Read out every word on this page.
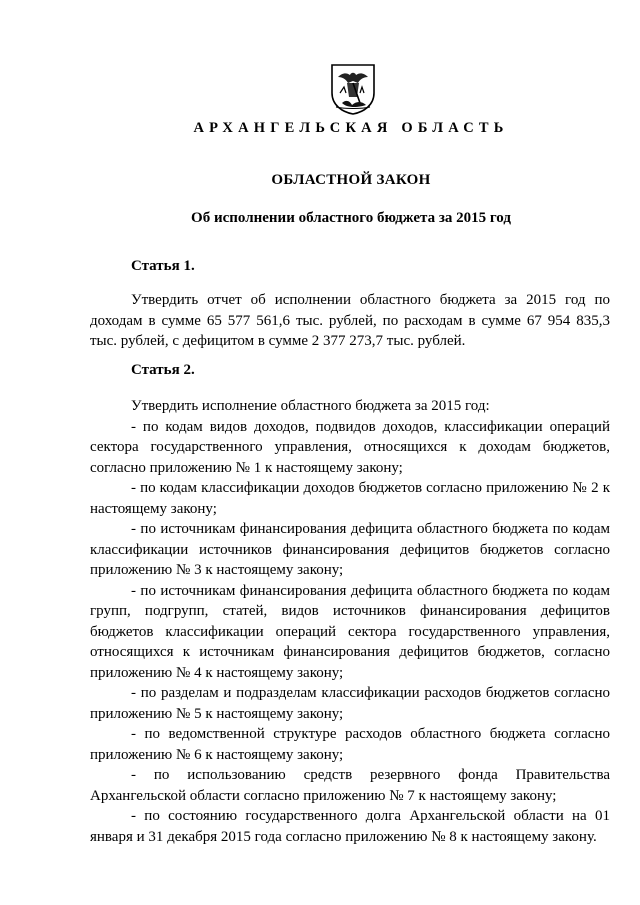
АРХАНГЕЛЬСКАЯ ОБЛАСТЬ
ОБЛАСТНОЙ ЗАКОН
Об исполнении областного бюджета за 2015 год
Статья 1.
Утвердить отчет об исполнении областного бюджета за 2015 год по доходам в сумме 65 577 561,6 тыс. рублей, по расходам в сумме 67 954 835,3 тыс. рублей, с дефицитом в сумме 2 377 273,7 тыс. рублей.
Статья 2.

Утвердить исполнение областного бюджета за 2015 год:

- по кодам видов доходов, подвидов доходов, классификации операций сектора государственного управления, относящихся к доходам бюджетов, согласно приложению № 1 к настоящему закону;

- по кодам классификации доходов бюджетов согласно приложению № 2 к настоящему закону;

- по источникам финансирования дефицита областного бюджета по кодам классификации источников финансирования дефицитов бюджетов согласно приложению № 3 к настоящему закону;

- по источникам финансирования дефицита областного бюджета по кодам групп, подгрупп, статей, видов источников финансирования дефицитов бюджетов классификации операций сектора государственного управления, относящихся к источникам финансирования дефицитов бюджетов, согласно приложению № 4 к настоящему закону;

- по разделам и подразделам классификации расходов бюджетов согласно приложению № 5 к настоящему закону;

- по ведомственной структуре расходов областного бюджета согласно приложению № 6 к настоящему закону;

- по использованию средств резервного фонда Правительства Архангельской области согласно приложению № 7 к настоящему закону;

- по состоянию государственного долга Архангельской области на 01 января и 31 декабря 2015 года согласно приложению № 8 к настоящему закону.
